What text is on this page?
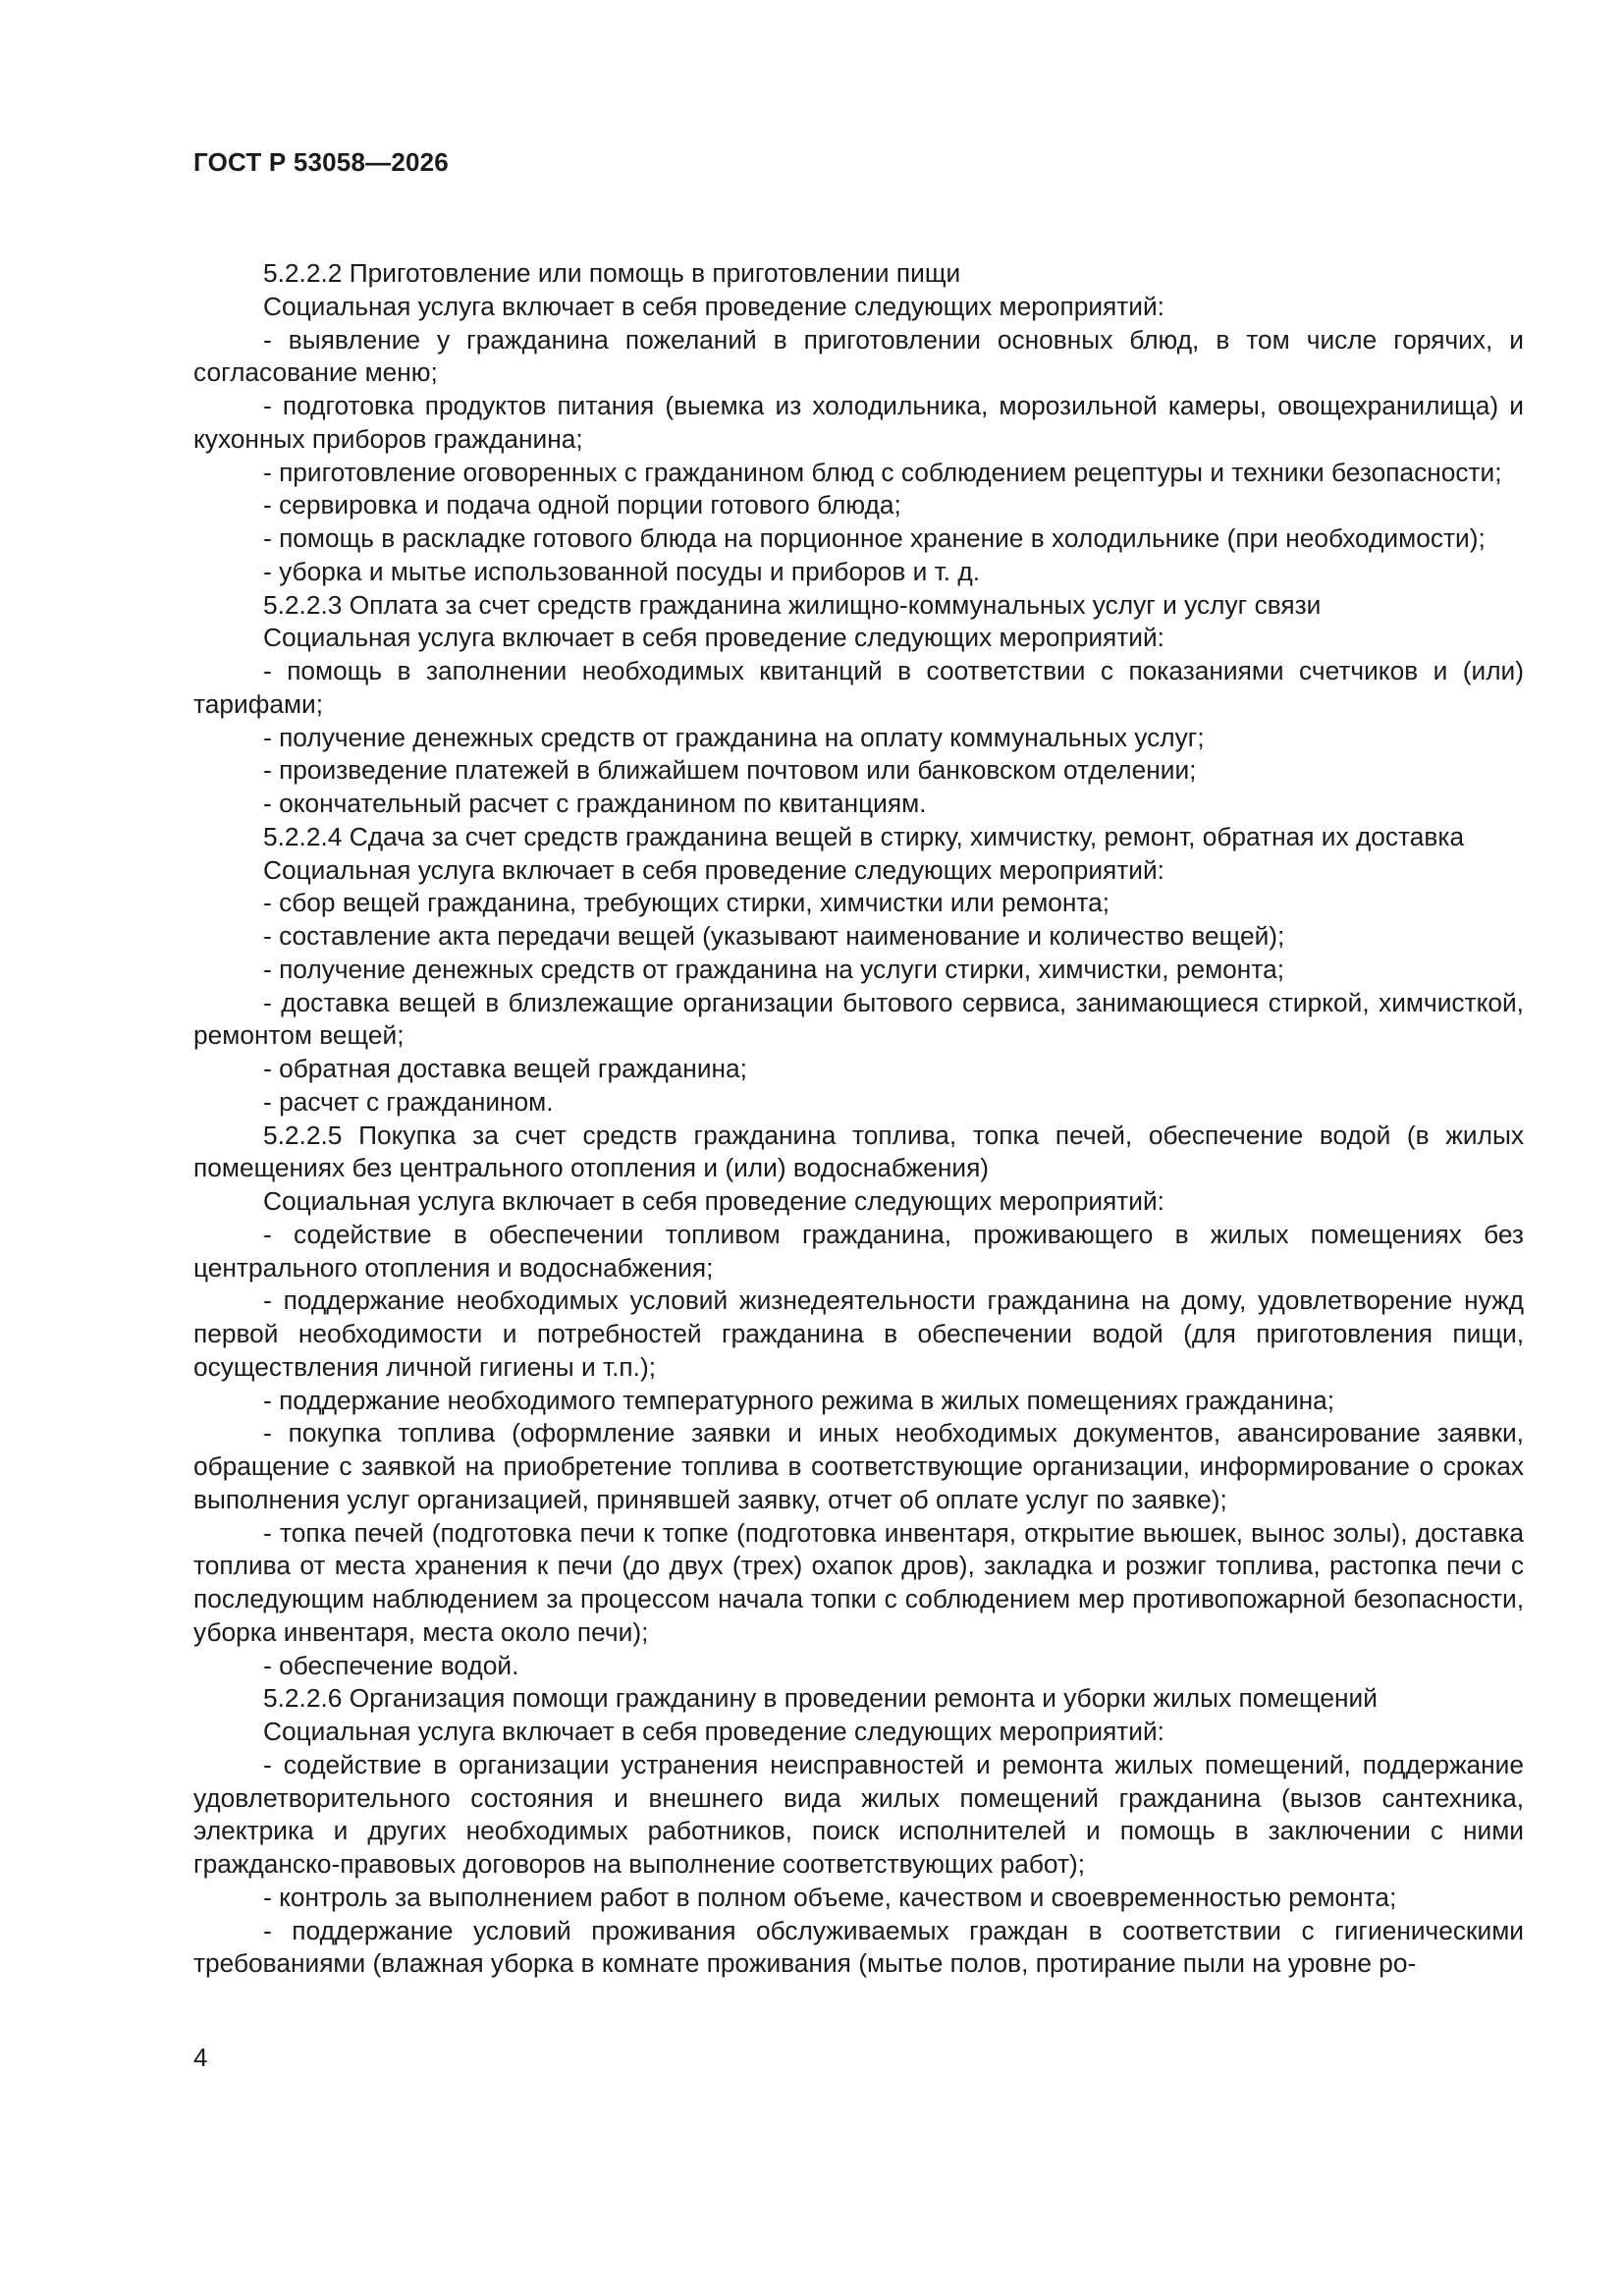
ГОСТ Р 53058—2026

5.2.2.2 Приготовление или помощь в приготовлении пищи

Социальная услуга включает в себя проведение следующих мероприятий:

- выявление у гражданина пожеланий в приготовлении основных блюд, в том числе горячих, и согласование меню;

- подготовка продуктов питания (выемка из холодильника, морозильной камеры, овощехранилища) и кухонных приборов гражданина;

- приготовление оговоренных с гражданином блюд с соблюдением рецептуры и техники безопасности;

- сервировка и подача одной порции готового блюда;

- помощь в раскладке готового блюда на порционное хранение в холодильнике (при необходимости);

- уборка и мытье использованной посуды и приборов и т. д.

5.2.2.3 Оплата за счет средств гражданина жилищно-коммунальных услуг и услуг связи

Социальная услуга включает в себя проведение следующих мероприятий:

- помощь в заполнении необходимых квитанций в соответствии с показаниями счетчиков и (или) тарифами;

- получение денежных средств от гражданина на оплату коммунальных услуг;

- произведение платежей в ближайшем почтовом или банковском отделении;

- окончательный расчет с гражданином по квитанциям.

5.2.2.4 Сдача за счет средств гражданина вещей в стирку, химчистку, ремонт, обратная их доставка

Социальная услуга включает в себя проведение следующих мероприятий:

- сбор вещей гражданина, требующих стирки, химчистки или ремонта;

- составление акта передачи вещей (указывают наименование и количество вещей);

- получение денежных средств от гражданина на услуги стирки, химчистки, ремонта;

- доставка вещей в близлежащие организации бытового сервиса, занимающиеся стиркой, химчисткой, ремонтом вещей;

- обратная доставка вещей гражданина;

- расчет с гражданином.

5.2.2.5 Покупка за счет средств гражданина топлива, топка печей, обеспечение водой (в жилых помещениях без центрального отопления и (или) водоснабжения)

Социальная услуга включает в себя проведение следующих мероприятий:

- содействие в обеспечении топливом гражданина, проживающего в жилых помещениях без центрального отопления и водоснабжения;

- поддержание необходимых условий жизнедеятельности гражданина на дому, удовлетворение нужд первой необходимости и потребностей гражданина в обеспечении водой (для приготовления пищи, осуществления личной гигиены и т.п.);

- поддержание необходимого температурного режима в жилых помещениях гражданина;

- покупка топлива (оформление заявки и иных необходимых документов, авансирование заявки, обращение с заявкой на приобретение топлива в соответствующие организации, информирование о сроках выполнения услуг организацией, принявшей заявку, отчет об оплате услуг по заявке);

- топка печей (подготовка печи к топке (подготовка инвентаря, открытие вьюшек, вынос золы), доставка топлива от места хранения к печи (до двух (трех) охапок дров), закладка и розжиг топлива, растопка печи с последующим наблюдением за процессом начала топки с соблюдением мер противопожарной безопасности, уборка инвентаря, места около печи);

- обеспечение водой.

5.2.2.6 Организация помощи гражданину в проведении ремонта и уборки жилых помещений

Социальная услуга включает в себя проведение следующих мероприятий:

- содействие в организации устранения неисправностей и ремонта жилых помещений, поддержание удовлетворительного состояния и внешнего вида жилых помещений гражданина (вызов сантехника, электрика и других необходимых работников, поиск исполнителей и помощь в заключении с ними гражданско-правовых договоров на выполнение соответствующих работ);

- контроль за выполнением работ в полном объеме, качеством и своевременностью ремонта;

- поддержание условий проживания обслуживаемых граждан в соответствии с гигиеническими требованиями (влажная уборка в комнате проживания (мытье полов, протирание пыли на уровне ро-

4
